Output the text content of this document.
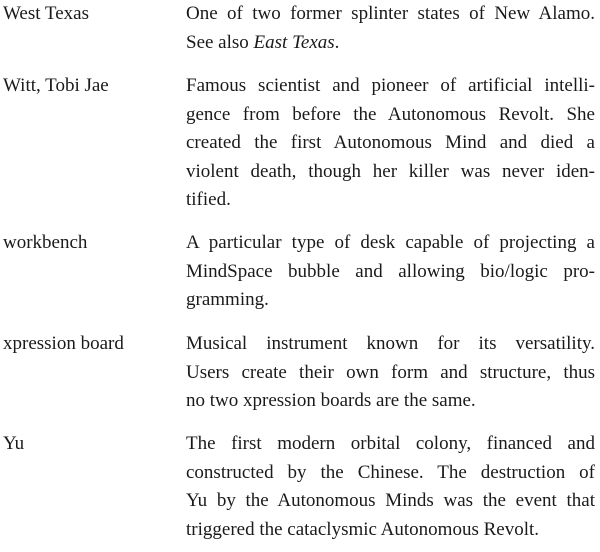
West Texas	One of two former splinter states of New Alamo.
See also East Texas.
Witt, Tobi Jae	Famous scientist and pioneer of artificial intelli-
gence from before the Autonomous Revolt. She
created the first Autonomous Mind and died a
violent death, though her killer was never iden-
tified.
workbench	A particular type of desk capable of projecting a
MindSpace bubble and allowing bio/logic pro-
gramming.
xpression board	Musical instrument known for its versatility.
Users create their own form and structure, thus
no two xpression boards are the same.
Yu	The first modern orbital colony, financed and
constructed by the Chinese. The destruction of
Yu by the Autonomous Minds was the event that
triggered the cataclysmic Autonomous Revolt.
